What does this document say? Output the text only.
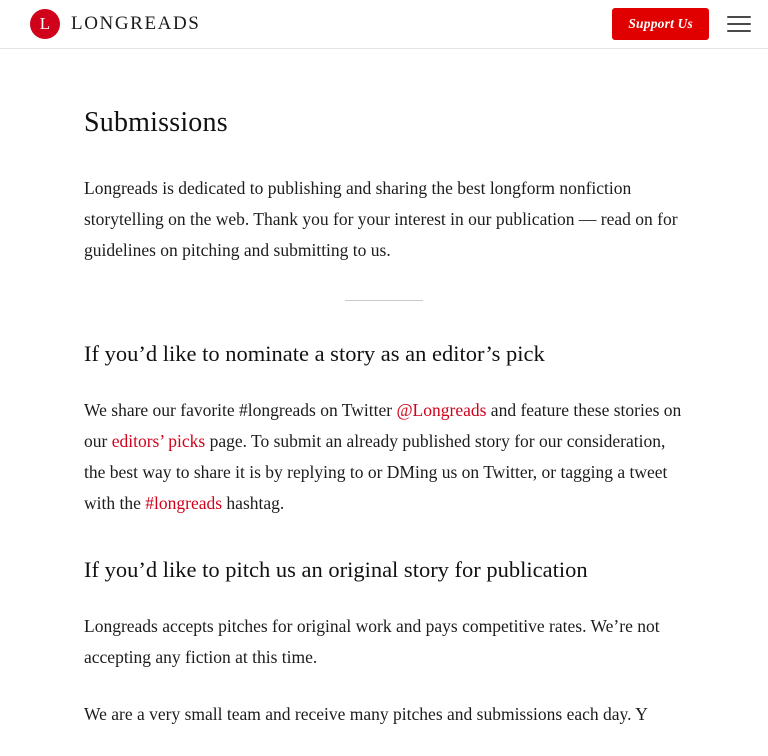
L LONGREADS	Support Us
Submissions

Longreads is dedicated to publishing and sharing the best longform nonfiction storytelling on the web. Thank you for your interest in our publication — read on for guidelines on pitching and submitting to us.

If you’d like to nominate a story as an editor’s pick

We share our favorite #longreads on Twitter @Longreads and feature these stories on our editors’ picks page. To submit an already published story for our consideration, the best way to share it is by replying to or DMing us on Twitter, or tagging a tweet with the #longreads hashtag.

If you’d like to pitch us an original story for publication

Longreads accepts pitches for original work and pays competitive rates. We’re not accepting any fiction at this time.

We are a very small team and receive many pitches and submissions each day. Y
